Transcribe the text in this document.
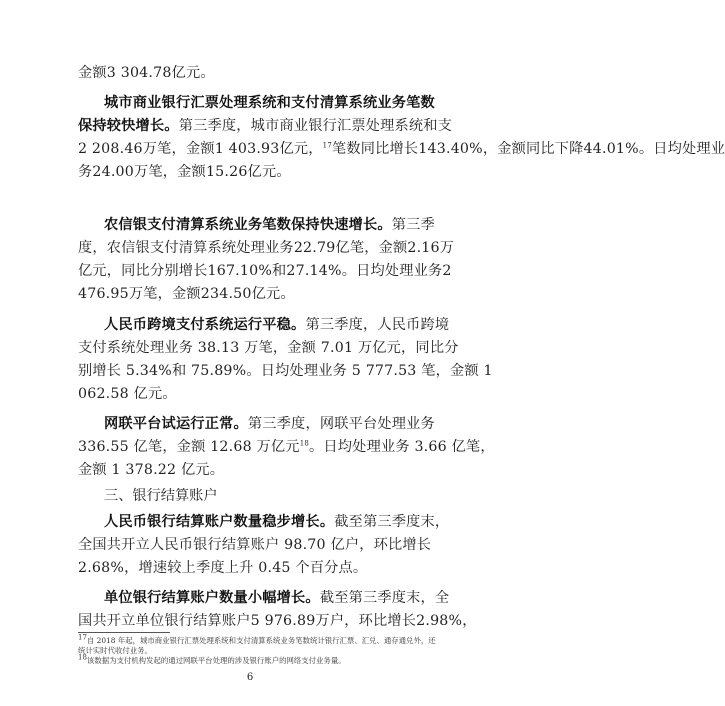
金额3 304.78亿元。
城市商业银行汇票处理系统和支付清算系统业务笔数
保持较快增长。第三季度，城市商业银行汇票处理系统和支
2 208.46万笔，金额1 403.93亿元，$^{17}$笔数同比增长143.40%，金额同比下降44.01%。日均处理业
务24.00万笔，金额15.26亿元。
农信银支付清算系统业务笔数保持快速增长。第三季
度，农信银支付清算系统处理业务22.79亿笔，金额2.16万
亿元，同比分别增长167.10%和27.14%。日均处理业务2
476.95万笔，金额234.50亿元。
人民币跨境支付系统运行平稳。第三季度，人民币跨境
支付系统处理业务 38.13 万笔，金额 7.01 万亿元，同比分
别增长 5.34%和 75.89%。日均处理业务 5 777.53 笔，金额 1
062.58 亿元。
网联平台试运行正常。第三季度，网联平台处理业务
336.55 亿笔，金额 12.68 万亿元$^{18}$。日均处理业务 3.66 亿笔，
金额 1 378.22 亿元。
三、银行结算账户
人民币银行结算账户数量稳步增长。截至第三季度末，
全国共开立人民币银行结算账户 98.70 亿户，环比增长
2.68%，增速较上季度上升 0.45 个百分点。
单位银行结算账户数量小幅增长。截至第三季度末，全
国共开立单位银行结算账户5 976.89万户，环比增长2.98%，
$^{17}$自 2018 年起，城市商业银行汇票处理系统和支付清算系统业务笔数统计银行汇票、汇兑、通存通兑外，还
统计实时代收付业务。
$^{18}$该数据为支付机构发起的通过网联平台处理的涉及银行账户的网络支付业务量。
6
